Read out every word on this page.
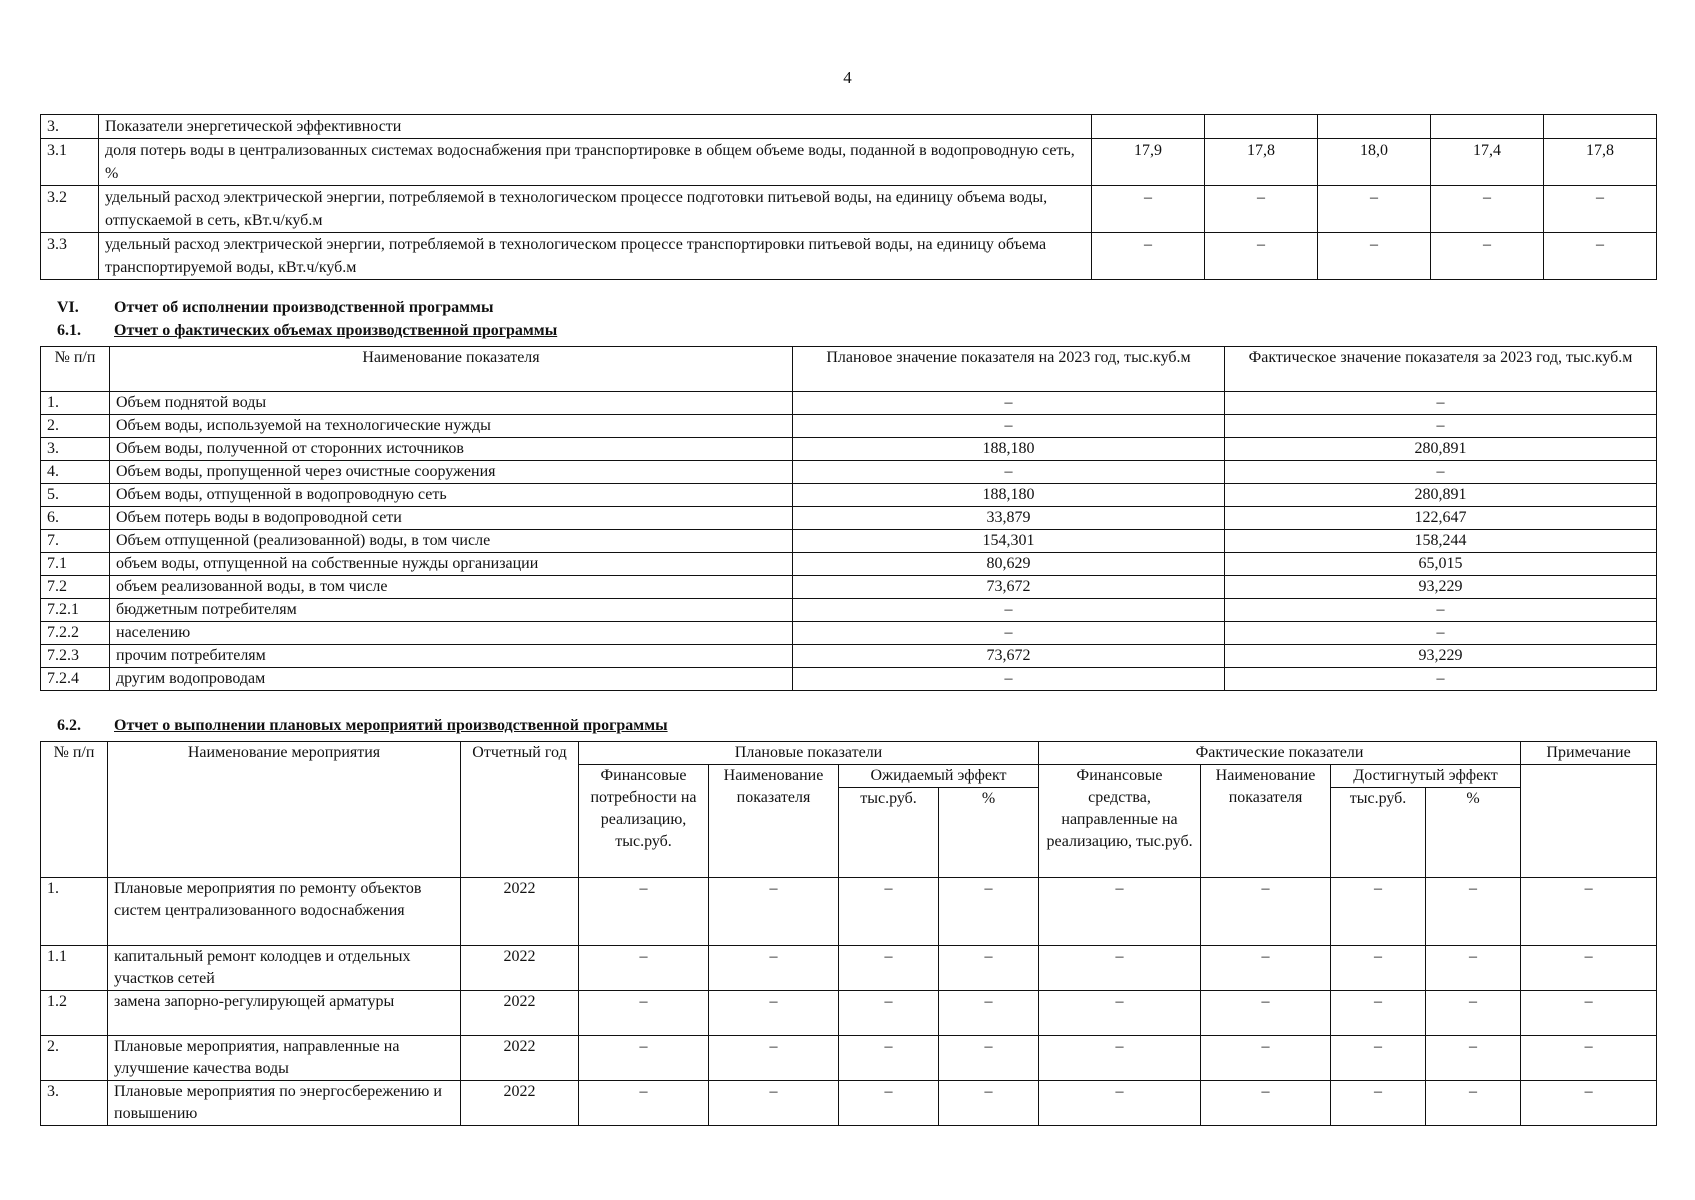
4
3.	Показатели энергетической эффективности					
3.1	доля потерь воды в централизованных системах водоснабжения при транспортировке в общем объеме воды, поданной в водопроводную сеть, %	17,9	17,8	18,0	17,4	17,8
3.2	удельный расход электрической энергии, потребляемой в технологическом процессе подготовки питьевой воды, на единицу объема воды, отпускаемой в сеть, кВт.ч/куб.м	–	–	–	–	–
3.3	удельный расход электрической энергии, потребляемой в технологическом процессе транспортировки питьевой воды, на единицу объема транспортируемой воды, кВт.ч/куб.м	–	–	–	–	–
VI. Отчет об исполнении производственной программы
6.1. Отчет о фактических объемах производственной программы
№ п/п	Наименование показателя	Плановое значение показателя на 2023 год, тыс.куб.м	Фактическое значение показателя за 2023 год, тыс.куб.м
1.	Объем поднятой воды	–	–
2.	Объем воды, используемой на технологические нужды	–	–
3.	Объем воды, полученной от сторонних источников	188,180	280,891
4.	Объем воды, пропущенной через очистные сооружения	–	–
5.	Объем воды, отпущенной в водопроводную сеть	188,180	280,891
6.	Объем потерь воды в водопроводной сети	33,879	122,647
7.	Объем отпущенной (реализованной) воды, в том числе	154,301	158,244
7.1	объем воды, отпущенной на собственные нужды организации	80,629	65,015
7.2	объем реализованной воды, в том числе	73,672	93,229
7.2.1	бюджетным потребителям	–	–
7.2.2	населению	–	–
7.2.3	прочим потребителям	73,672	93,229
7.2.4	другим водопроводам	–	–
6.2. Отчет о выполнении плановых мероприятий производственной программы
№ п/п	Наименование мероприятия	Отчетный год	Плановые показатели				Фактические показатели				Примечание
			Финансовые потребности на реализацию, тыс.руб.	Наименование показателя	Ожидаемый эффект		Финансовые средства, направленные на реализацию, тыс.руб.	Наименование показателя	Достигнутый эффект		
					тыс.руб.	%			тыс.руб.	%	
1.	Плановые мероприятия по ремонту объектов систем централизованного водоснабжения	2022	–	–	–	–	–	–	–	–	–
1.1	капитальный ремонт колодцев и отдельных участков сетей	2022	–	–	–	–	–	–	–	–	–
1.2	замена запорно-регулирующей арматуры	2022	–	–	–	–	–	–	–	–	–
2.	Плановые мероприятия, направленные на улучшение качества воды	2022	–	–	–	–	–	–	–	–	–
3.	Плановые мероприятия по энергосбережению и повышению	2022	–	–	–	–	–	–	–	–	–
